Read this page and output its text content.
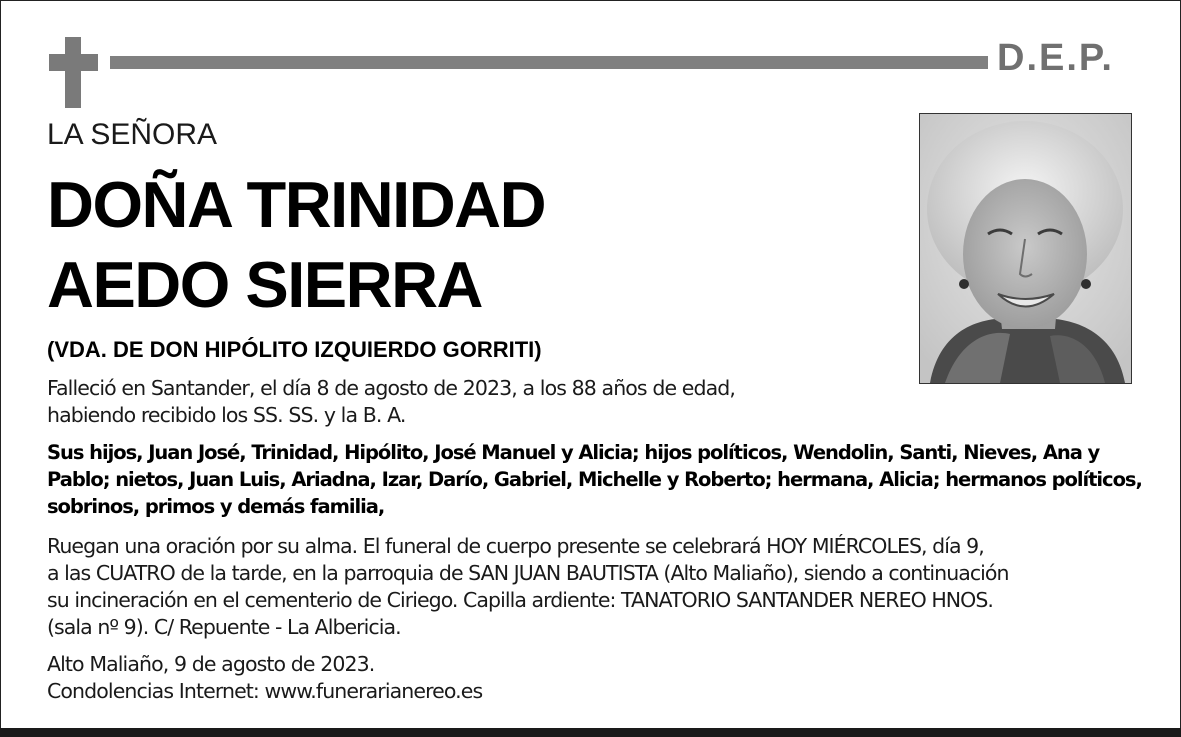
D.E.P.
LA SEÑORA
DOÑA TRINIDAD
AEDO SIERRA
(VDA. DE DON HIPÓLITO IZQUIERDO GORRITI)
Falleció en Santander, el día 8 de agosto de 2023, a los 88 años de edad,
habiendo recibido los SS. SS. y la B. A.
Sus hijos, Juan José, Trinidad, Hipólito, José Manuel y Alicia; hijos políticos, Wendolin, Santi, Nieves, Ana y
Pablo; nietos, Juan Luis, Ariadna, Izar, Darío, Gabriel, Michelle y Roberto; hermana, Alicia; hermanos políticos,
sobrinos, primos y demás familia,
Ruegan una oración por su alma. El funeral de cuerpo presente se celebrará HOY MIÉRCOLES, día 9,
a las CUATRO de la tarde, en la parroquia de SAN JUAN BAUTISTA (Alto Maliaño), siendo a continuación
su incineración en el cementerio de Ciriego. Capilla ardiente: TANATORIO SANTANDER NEREO HNOS.
(sala nº 9). C/ Repuente - La Albericia.
Alto Maliaño, 9 de agosto de 2023.
Condolencias Internet: www.funerarianereo.es
